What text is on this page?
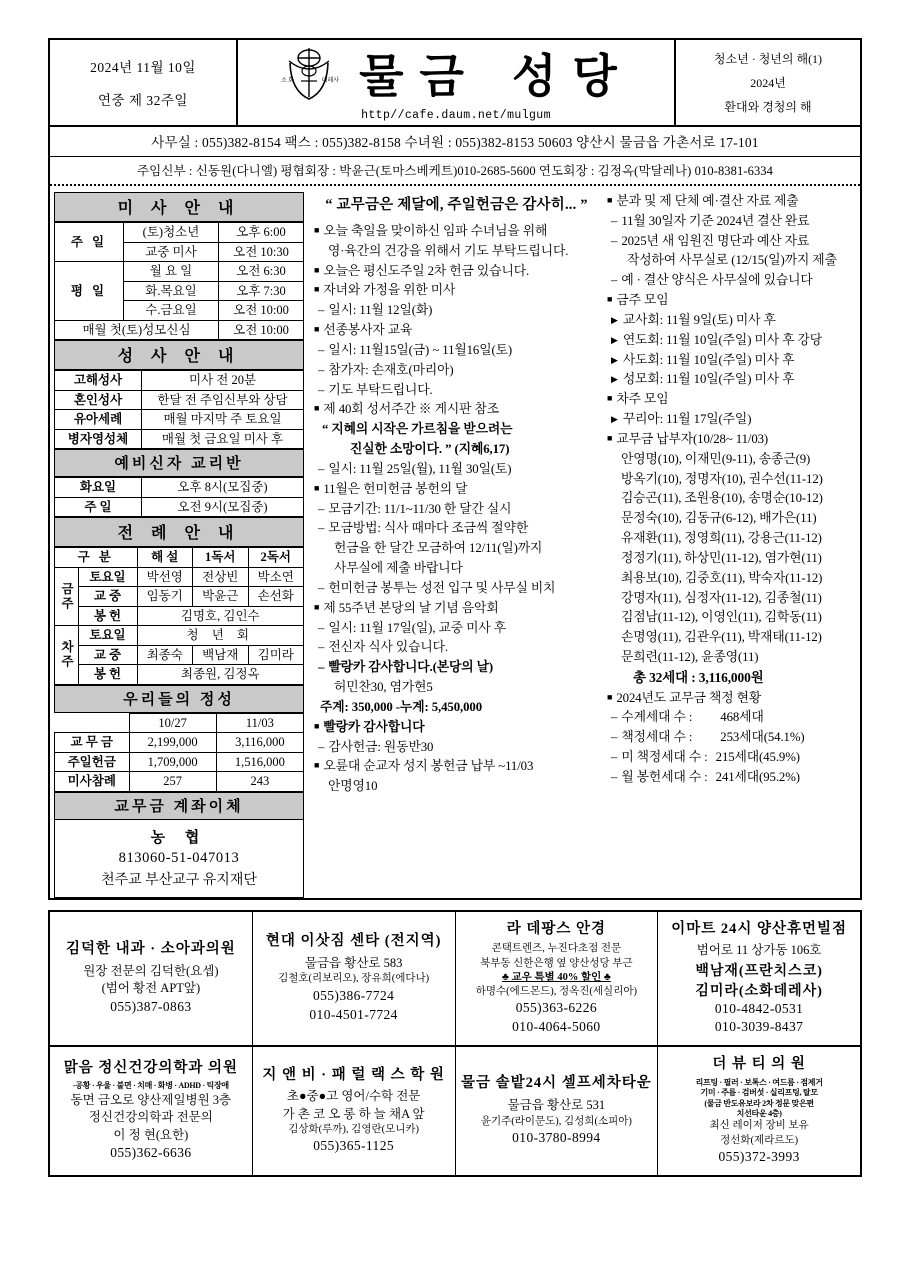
2024년 11월 10일
연중 제 32주일
소 화	데레사 물금 성당
http//cafe.daum.net/mulgum
청소년 · 청년의 해(1)
2024년
환대와 경청의 해
사무실 : 055)382-8154 팩스 : 055)382-8158 수녀원 : 055)382-8153 50603 양산시 물금읍 가촌서로 17-101
주임신부 : 신동원(다니엘) 평협회장 : 박윤근(토마스베케트)010-2685-5600 연도회장 : 김정옥(막달레나) 010-8381-6334
미 사 안 내
주 일	(토)청소년	오후 6:00
	교중 미사	오전 10:30
평 일	월 요 일	오전 6:30
	화.목요일	오후 7:30
	수.금요일	오전 10:00
매월 첫(토)성모신심		오전 10:00
성 사 안 내
고해성사	미사 전 20분
혼인성사	한달 전 주임신부와 상담
유아세례	매월 마지막 주 토요일
병자영성체	매월 첫 금요일 미사 후
예비신자 교리반
화요일	오후 8시(모집중)
주 일	오전 9시(모집중)
전 례 안 내
구 분		해 설	1독서	2독서
금주	토요일	박선영	전상빈	박소연
	교 중	임동기	박윤근	손선화
	봉 헌	김명호, 김인수		
차주	토요일	청 년 회		
	교 중	최종숙	백남재	김미라
	봉 헌	최종원, 김정옥		
우리들의 정성
	10/27	11/03
교 무 금	2,199,000	3,116,000
주일헌금	1,709,000	1,516,000
미사참례	257	243
교무금 계좌이체
농 협
813060-51-047013
천주교 부산교구 유지재단
“ 교무금은 제달에, 주일헌금은 감사히... ”
■ 오늘 축일을 맞이하신 임파 수녀님을 위해
영·육간의 건강을 위해서 기도 부탁드립니다.
■ 오늘은 평신도주일 2차 헌금 있습니다.
■ 자녀와 가정을 위한 미사
– 일시: 11월 12일(화)
■ 선종봉사자 교육
– 일시: 11월15일(금) ~ 11월16일(토)
– 참가자: 손재호(마리아)
– 기도 부탁드립니다.
■ 제 40회 성서주간 ※ 게시판 참조
“ 지혜의 시작은 가르침을 받으려는
진실한 소망이다. ” (지혜6,17)
– 일시: 11월 25일(월), 11월 30일(토)
■ 11월은 헌미헌금 봉헌의 달
– 모금기간: 11/1~11/30 한 달간 실시
– 모금방법: 식사 때마다 조금씩 절약한
헌금을 한 달간 모금하여 12/11(일)까지
사무실에 제출 바랍니다
– 헌미헌금 봉투는 성전 입구 및 사무실 비치
■ 제 55주년 본당의 날 기념 음악회
– 일시: 11월 17일(일), 교중 미사 후
– 전신자 식사 있습니다.
– 빨랑카 감사합니다.(본당의 날)
허민찬30, 염가현5
주계: 350,000 -누계: 5,450,000
■ 빨랑카 감사합니다
– 감사헌금: 원동반30
■ 오륜대 순교자 성지 봉헌금 납부 ~11/03
안명영10
■ 분과 및 제 단체 예·결산 자료 제출
– 11월 30일자 기준 2024년 결산 완료
– 2025년 새 임원진 명단과 예산 자료
작성하여 사무실로 (12/15(일)까지 제출
– 예 · 결산 양식은 사무실에 있습니다
■ 금주 모임
▶ 교사회: 11월 9일(토) 미사 후
▶ 연도회: 11월 10일(주일) 미사 후 강당
▶ 사도회: 11월 10일(주일) 미사 후
▶ 성모회: 11월 10일(주일) 미사 후
■ 차주 모임
▶ 꾸리아: 11월 17일(주일)
■ 교무금 납부자(10/28~ 11/03)
안영명(10), 이재민(9-11), 송종근(9)
방옥기(10), 정명자(10), 권수선(11-12)
김승곤(11), 조원용(10), 송명순(10-12)
문정숙(10), 김동규(6-12), 배가은(11)
유재환(11), 정영희(11), 강용근(11-12)
정정기(11), 하상민(11-12), 염가현(11)
최용보(10), 김중호(11), 박숙자(11-12)
강명자(11), 심정자(11-12), 김종철(11)
김점남(11-12), 이영인(11), 김학동(11)
손명영(11), 김관우(11), 박재태(11-12)
문희련(11-12), 윤종영(11)
총 32세대 : 3,116,000원
■ 2024년도 교무금 책정 현황
– 수계세대 수 : 468세대
– 책정세대 수 : 253세대(54.1%)
– 미 책정세대 수 : 215세대(45.9%)
– 월 봉헌세대 수 : 241세대(95.2%)
김덕한 내과 · 소아과의원
원장 전문의 김덕한(요셉)
(범어 황전 APT앞)
055)387-0863
현대 이삿짐 센타 (전지역)
물금읍 황산로 583
김철호(리보리오), 장유희(에다나)
055)386-7724
010-4501-7724
라 데팡스 안경
콘택트렌즈, 누진다초점 전문
북부동 신한은행 옆 양산성당 부근
♣ 교우 특별 40% 할인 ♣
하명수(에드몬드), 정옥진(세실리아)
055)363-6226
010-4064-5060
이마트 24시 양산휴먼빌점
범어로 11 상가동 106호
백남재(프란치스코)
김미라(소화데레사)
010-4842-0531
010-3039-8437
맑음 정신건강의학과 의원
-공황 · 우울 · 불면 · 치매 · 화병 · ADHD · 틱장애
동면 금오로 양산제일병원 3층
정신건강의학과 전문의
이 정 현(요한)
055)362-6636
지 앤 비 · 패 럴 랙 스 학 원
초●중●고 영어/수학 전문
가 촌 코 오 롱 하 늘 채A 앞
김상화(루까), 김영란(모니카)
055)365-1125
물금 솔밭24시 셀프세차타운
물금읍 황산로 531
윤기주(라이문도), 김성희(소피아)
010-3780-8994
더 뷰 티 의 원
리프팅 · 필러 · 보톡스 · 여드름 · 점제거
기미 · 주름 · 검버섯 · 실리프팅, 탈모
(물금 반도유보라 2차 정문 맞은편
치선타운 4층)
최신 레이저 장비 보유
정선화(제라르도)
055)372-3993
